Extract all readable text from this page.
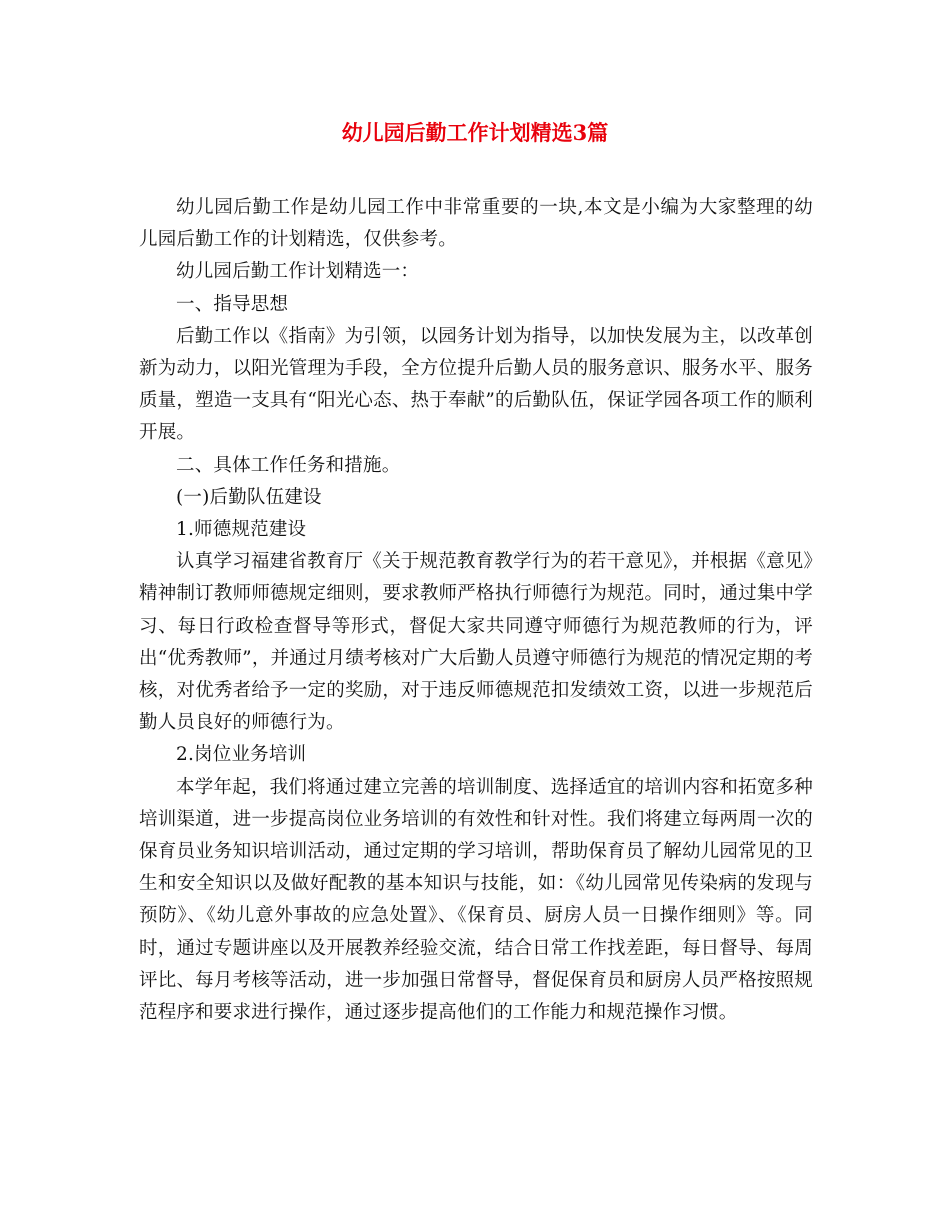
幼儿园后勤工作计划精选3篇

幼儿园后勤工作是幼儿园工作中非常重要的一块,本文是小编为大家整理的幼儿园后勤工作的计划精选，仅供参考。

幼儿园后勤工作计划精选一：

一、指导思想

后勤工作以《指南》为引领，以园务计划为指导，以加快发展为主，以改革创新为动力，以阳光管理为手段，全方位提升后勤人员的服务意识、服务水平、服务质量，塑造一支具有“阳光心态、热于奉献”的后勤队伍，保证学园各项工作的顺利开展。

二、具体工作任务和措施。

(一)后勤队伍建设

1.师德规范建设

认真学习福建省教育厅《关于规范教育教学行为的若干意见》，并根据《意见》精神制订教师师德规定细则，要求教师严格执行师德行为规范。同时，通过集中学习、每日行政检查督导等形式，督促大家共同遵守师德行为规范教师的行为，评出“优秀教师”，并通过月绩考核对广大后勤人员遵守师德行为规范的情况定期的考核，对优秀者给予一定的奖励，对于违反师德规范扣发绩效工资，以进一步规范后勤人员良好的师德行为。

2.岗位业务培训

本学年起，我们将通过建立完善的培训制度、选择适宜的培训内容和拓宽多种培训渠道，进一步提高岗位业务培训的有效性和针对性。我们将建立每两周一次的保育员业务知识培训活动，通过定期的学习培训，帮助保育员了解幼儿园常见的卫生和安全知识以及做好配教的基本知识与技能，如：《幼儿园常见传染病的发现与预防》、《幼儿意外事故的应急处置》、《保育员、厨房人员一日操作细则》等。同时，通过专题讲座以及开展教养经验交流，结合日常工作找差距，每日督导、每周评比、每月考核等活动，进一步加强日常督导，督促保育员和厨房人员严格按照规范程序和要求进行操作，通过逐步提高他们的工作能力和规范操作习惯。
